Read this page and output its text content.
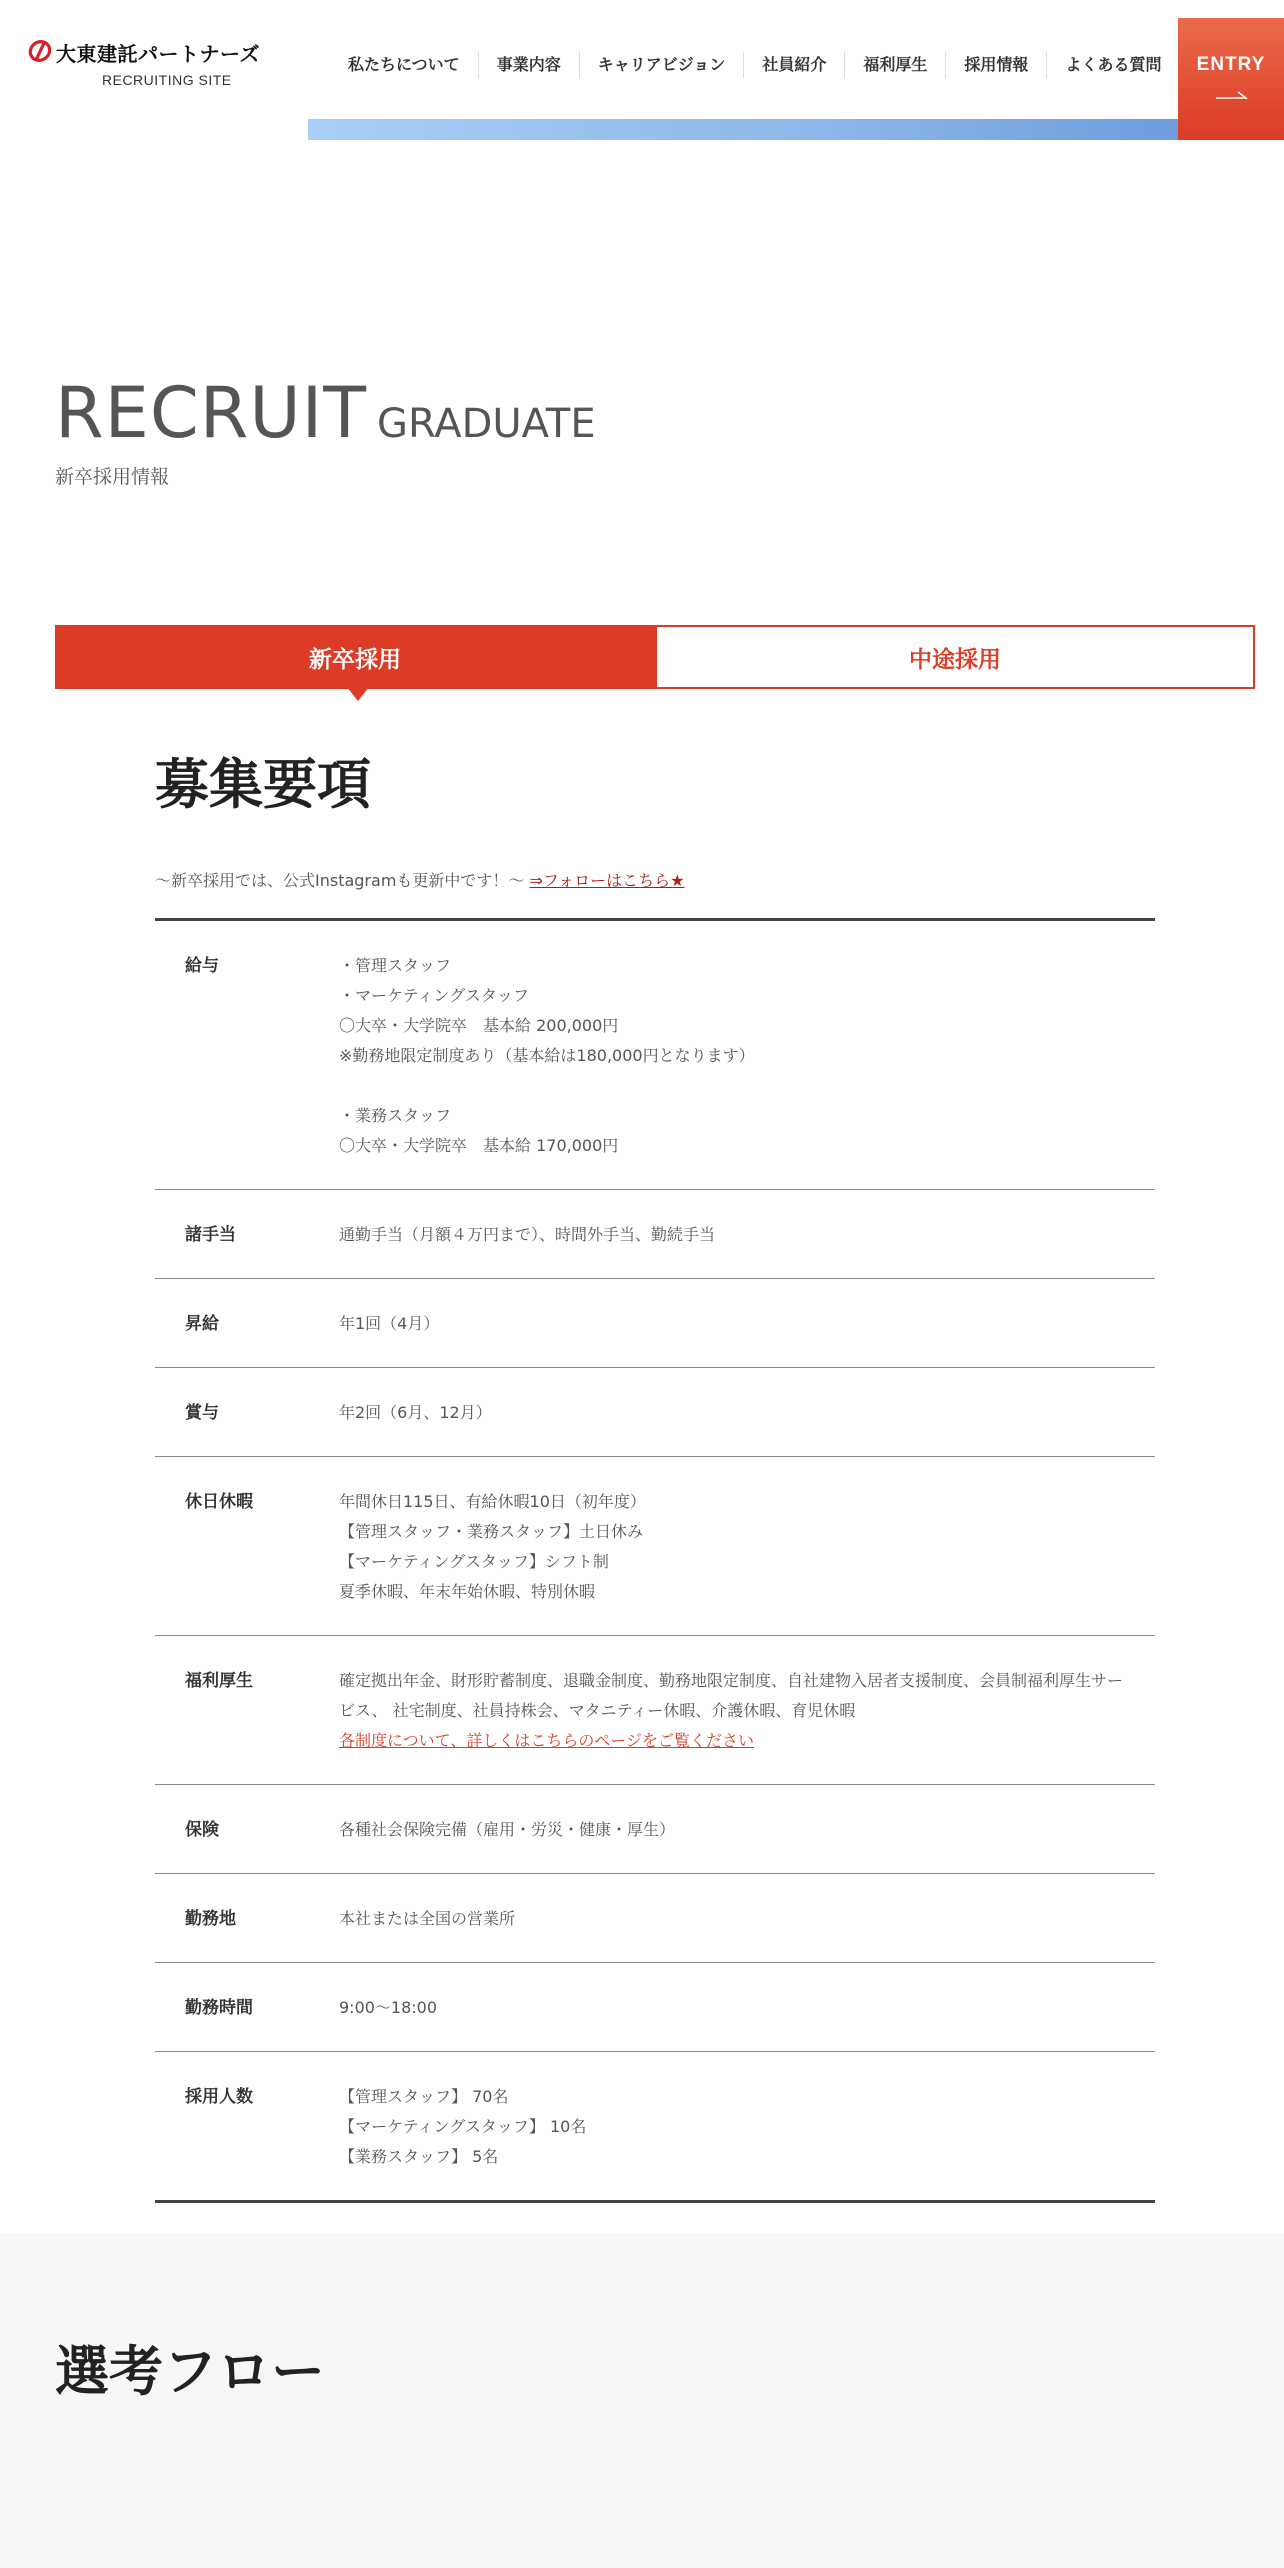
大東建託パートナーズ
RECRUITING SITE
私たちについて	事業内容	キャリアビジョン	社員紹介	福利厚生	採用情報	よくある質問	ENTRY
RECRUIT GRADUATE
新卒採用情報
新卒採用	中途採用
募集要項

～新卒採用では、公式Instagramも更新中です！～ ⇒フォローはこちら★

給与	・管理スタッフ
・マーケティングスタッフ
〇大卒・大学院卒　基本給 200,000円
※勤務地限定制度あり（基本給は180,000円となります）
・業務スタッフ
〇大卒・大学院卒　基本給 170,000円
諸手当	通勤手当（月額４万円まで）、時間外手当、勤続手当
昇給	年1回（4月）
賞与	年2回（6月、12月）
休日休暇	年間休日115日、有給休暇10日（初年度）
【管理スタッフ・業務スタッフ】土日休み
【マーケティングスタッフ】シフト制
夏季休暇、年末年始休暇、特別休暇
福利厚生	確定拠出年金、財形貯蓄制度、退職金制度、勤務地限定制度、自社建物入居者支援制度、会員制福利厚生サービス、 社宅制度、社員持株会、マタニティー休暇、介護休暇、育児休暇
各制度について、詳しくはこちらのページをご覧ください
保険	各種社会保険完備（雇用・労災・健康・厚生）
勤務地	本社または全国の営業所
勤務時間	9:00〜18:00
採用人数	【管理スタッフ】 70名
【マーケティングスタッフ】 10名
【業務スタッフ】 5名
選考フロー
